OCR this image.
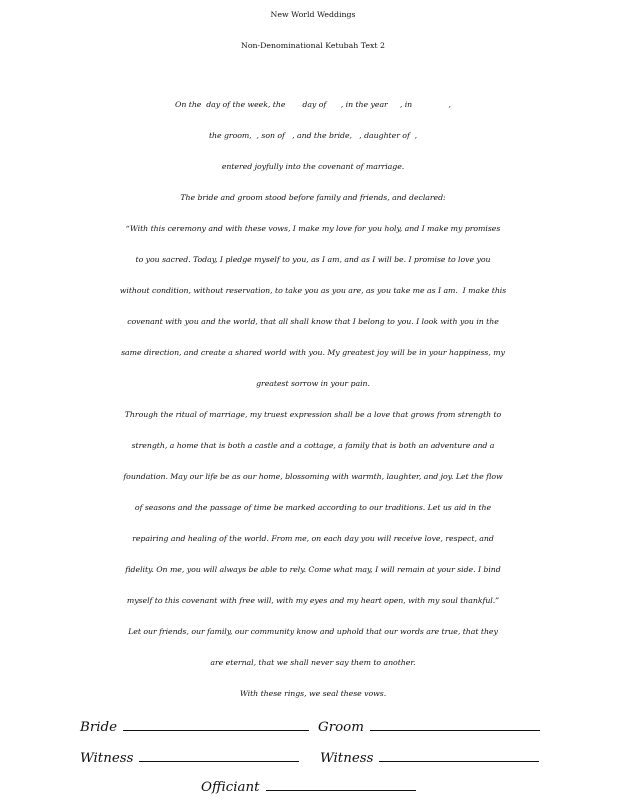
New World Weddings
Non-Denominational Ketubah Text 2
On the  day of the week, the       day of      , in the year     , in               ,
the groom,  , son of   , and the bride,   , daughter of  ,
entered joyfully into the covenant of marriage.
The bride and groom stood before family and friends, and declared:
“With this ceremony and with these vows, I make my love for you holy, and I make my promises
to you sacred. Today, I pledge myself to you, as I am, and as I will be. I promise to love you
without condition, without reservation, to take you as you are, as you take me as I am.  I make this
covenant with you and the world, that all shall know that I belong to you. I look with you in the
same direction, and create a shared world with you. My greatest joy will be in your happiness, my
greatest sorrow in your pain.
Through the ritual of marriage, my truest expression shall be a love that grows from strength to
strength, a home that is both a castle and a cottage, a family that is both an adventure and a
foundation. May our life be as our home, blossoming with warmth, laughter, and joy. Let the flow
of seasons and the passage of time be marked according to our traditions. Let us aid in the
repairing and healing of the world. From me, on each day you will receive love, respect, and
fidelity. On me, you will always be able to rely. Come what may, I will remain at your side. I bind
myself to this covenant with free will, with my eyes and my heart open, with my soul thankful.”
Let our friends, our family, our community know and uphold that our words are true, that they
are eternal, that we shall never say them to another.
With these rings, we seal these vows.
Bride	Groom
Witness	Witness
Officiant
